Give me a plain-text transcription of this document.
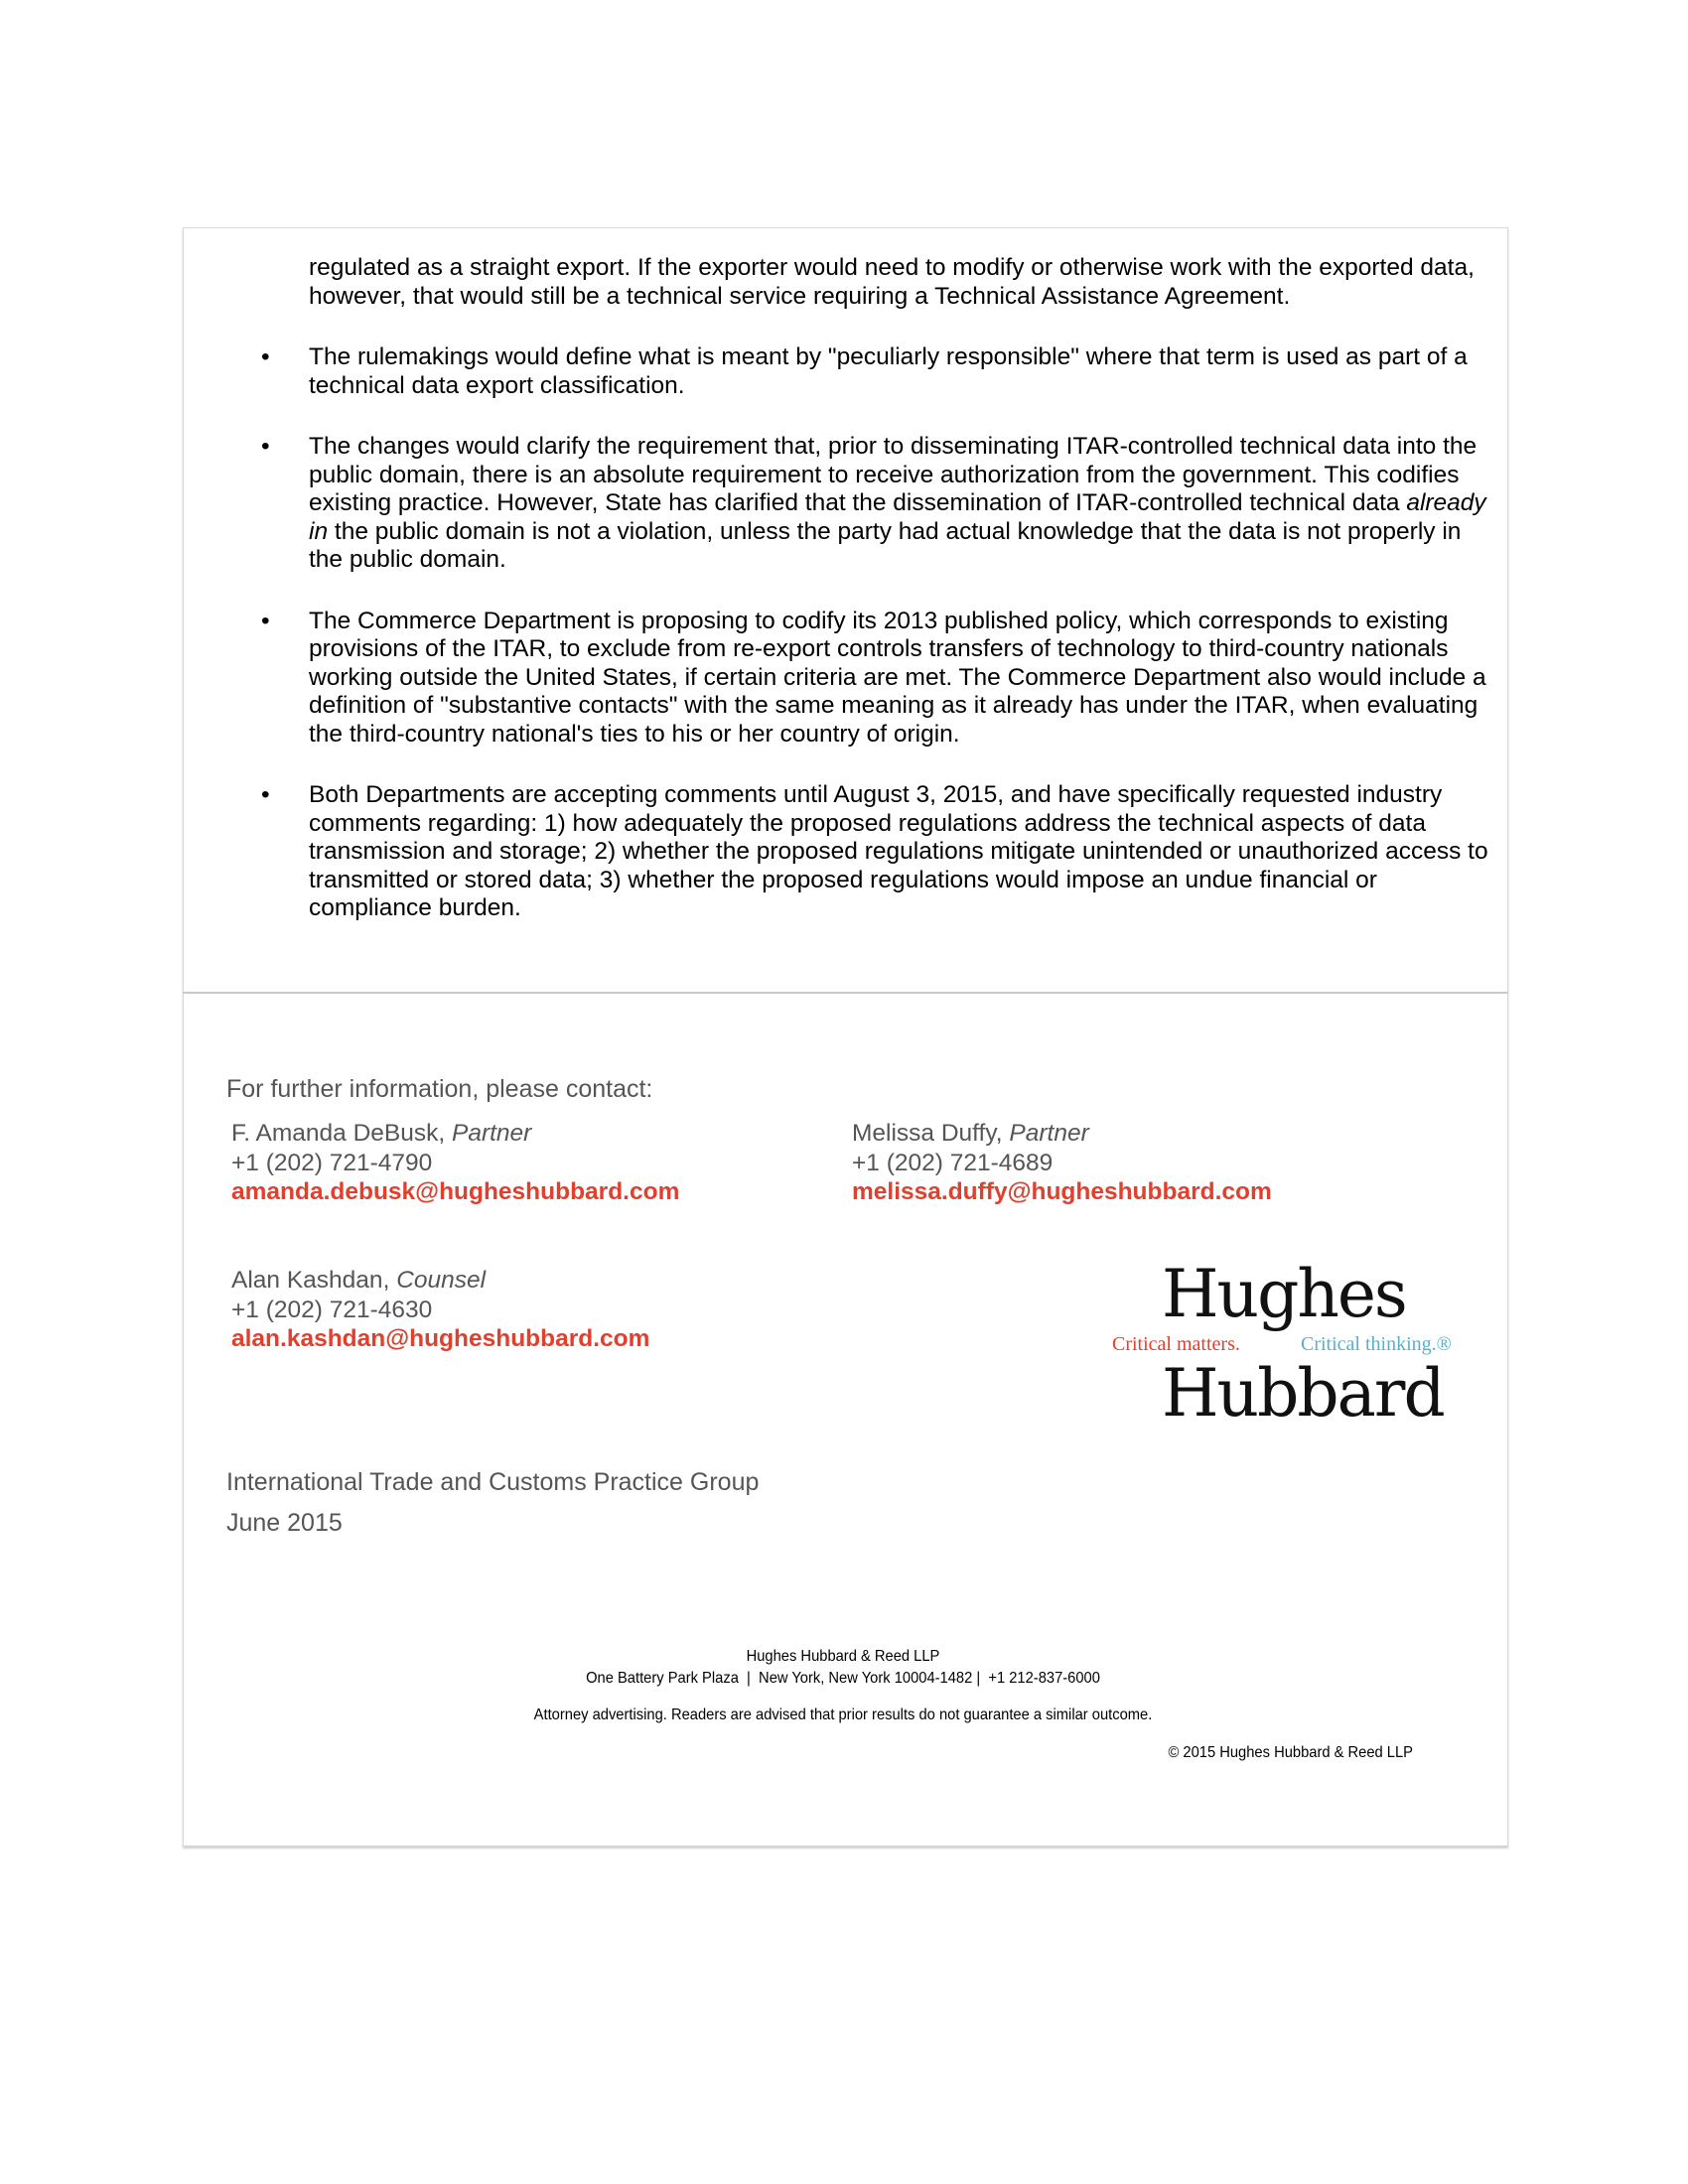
regulated as a straight export. If the exporter would need to modify or otherwise work with the exported data, however, that would still be a technical service requiring a Technical Assistance Agreement.

• The rulemakings would define what is meant by "peculiarly responsible" where that term is used as part of a technical data export classification.

• The changes would clarify the requirement that, prior to disseminating ITAR-controlled technical data into the public domain, there is an absolute requirement to receive authorization from the government. This codifies existing practice. However, State has clarified that the dissemination of ITAR-controlled technical data already in the public domain is not a violation, unless the party had actual knowledge that the data is not properly in the public domain.

• The Commerce Department is proposing to codify its 2013 published policy, which corresponds to existing provisions of the ITAR, to exclude from re-export controls transfers of technology to third-country nationals working outside the United States, if certain criteria are met. The Commerce Department also would include a definition of "substantive contacts" with the same meaning as it already has under the ITAR, when evaluating the third-country national's ties to his or her country of origin.

• Both Departments are accepting comments until August 3, 2015, and have specifically requested industry comments regarding: 1) how adequately the proposed regulations address the technical aspects of data transmission and storage; 2) whether the proposed regulations mitigate unintended or unauthorized access to transmitted or stored data; 3) whether the proposed regulations would impose an undue financial or compliance burden.

For further information, please contact:
F. Amanda DeBusk, Partner
+1 (202) 721-4790
amanda.debusk@hugheshubbard.com
Melissa Duffy, Partner
+1 (202) 721-4689
melissa.duffy@hugheshubbard.com
Alan Kashdan, Counsel
+1 (202) 721-4630
alan.kashdan@hugheshubbard.com
Hughes
Critical matters.	Critical thinking.®
Hubbard
International Trade and Customs Practice Group
June 2015
Hughes Hubbard & Reed LLP
One Battery Park Plaza  |  New York, New York 10004-1482 |  +1 212-837-6000
Attorney advertising. Readers are advised that prior results do not guarantee a similar outcome.
© 2015 Hughes Hubbard & Reed LLP
